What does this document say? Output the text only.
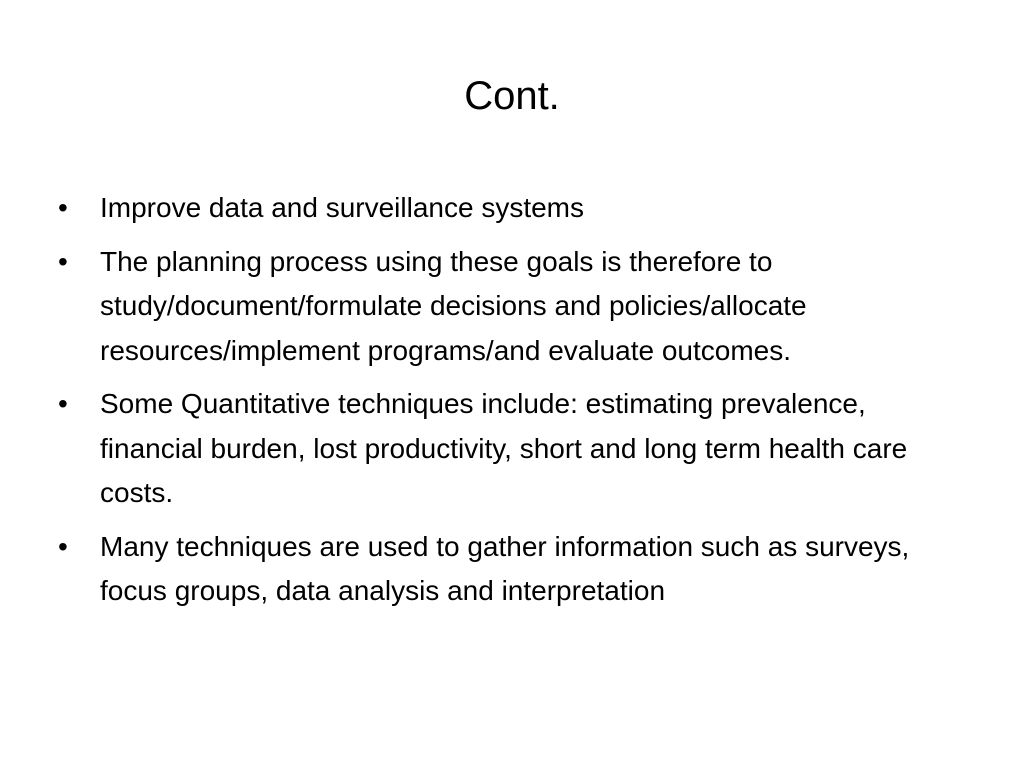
Cont.
•	Improve data and surveillance systems
•	The planning process using these goals is therefore to study/document/formulate decisions and policies/allocate resources/implement programs/and evaluate outcomes.
•	Some Quantitative techniques include: estimating prevalence, financial burden, lost productivity, short and long term health care costs.
•	Many techniques are used to gather information such as surveys, focus groups, data analysis and interpretation
